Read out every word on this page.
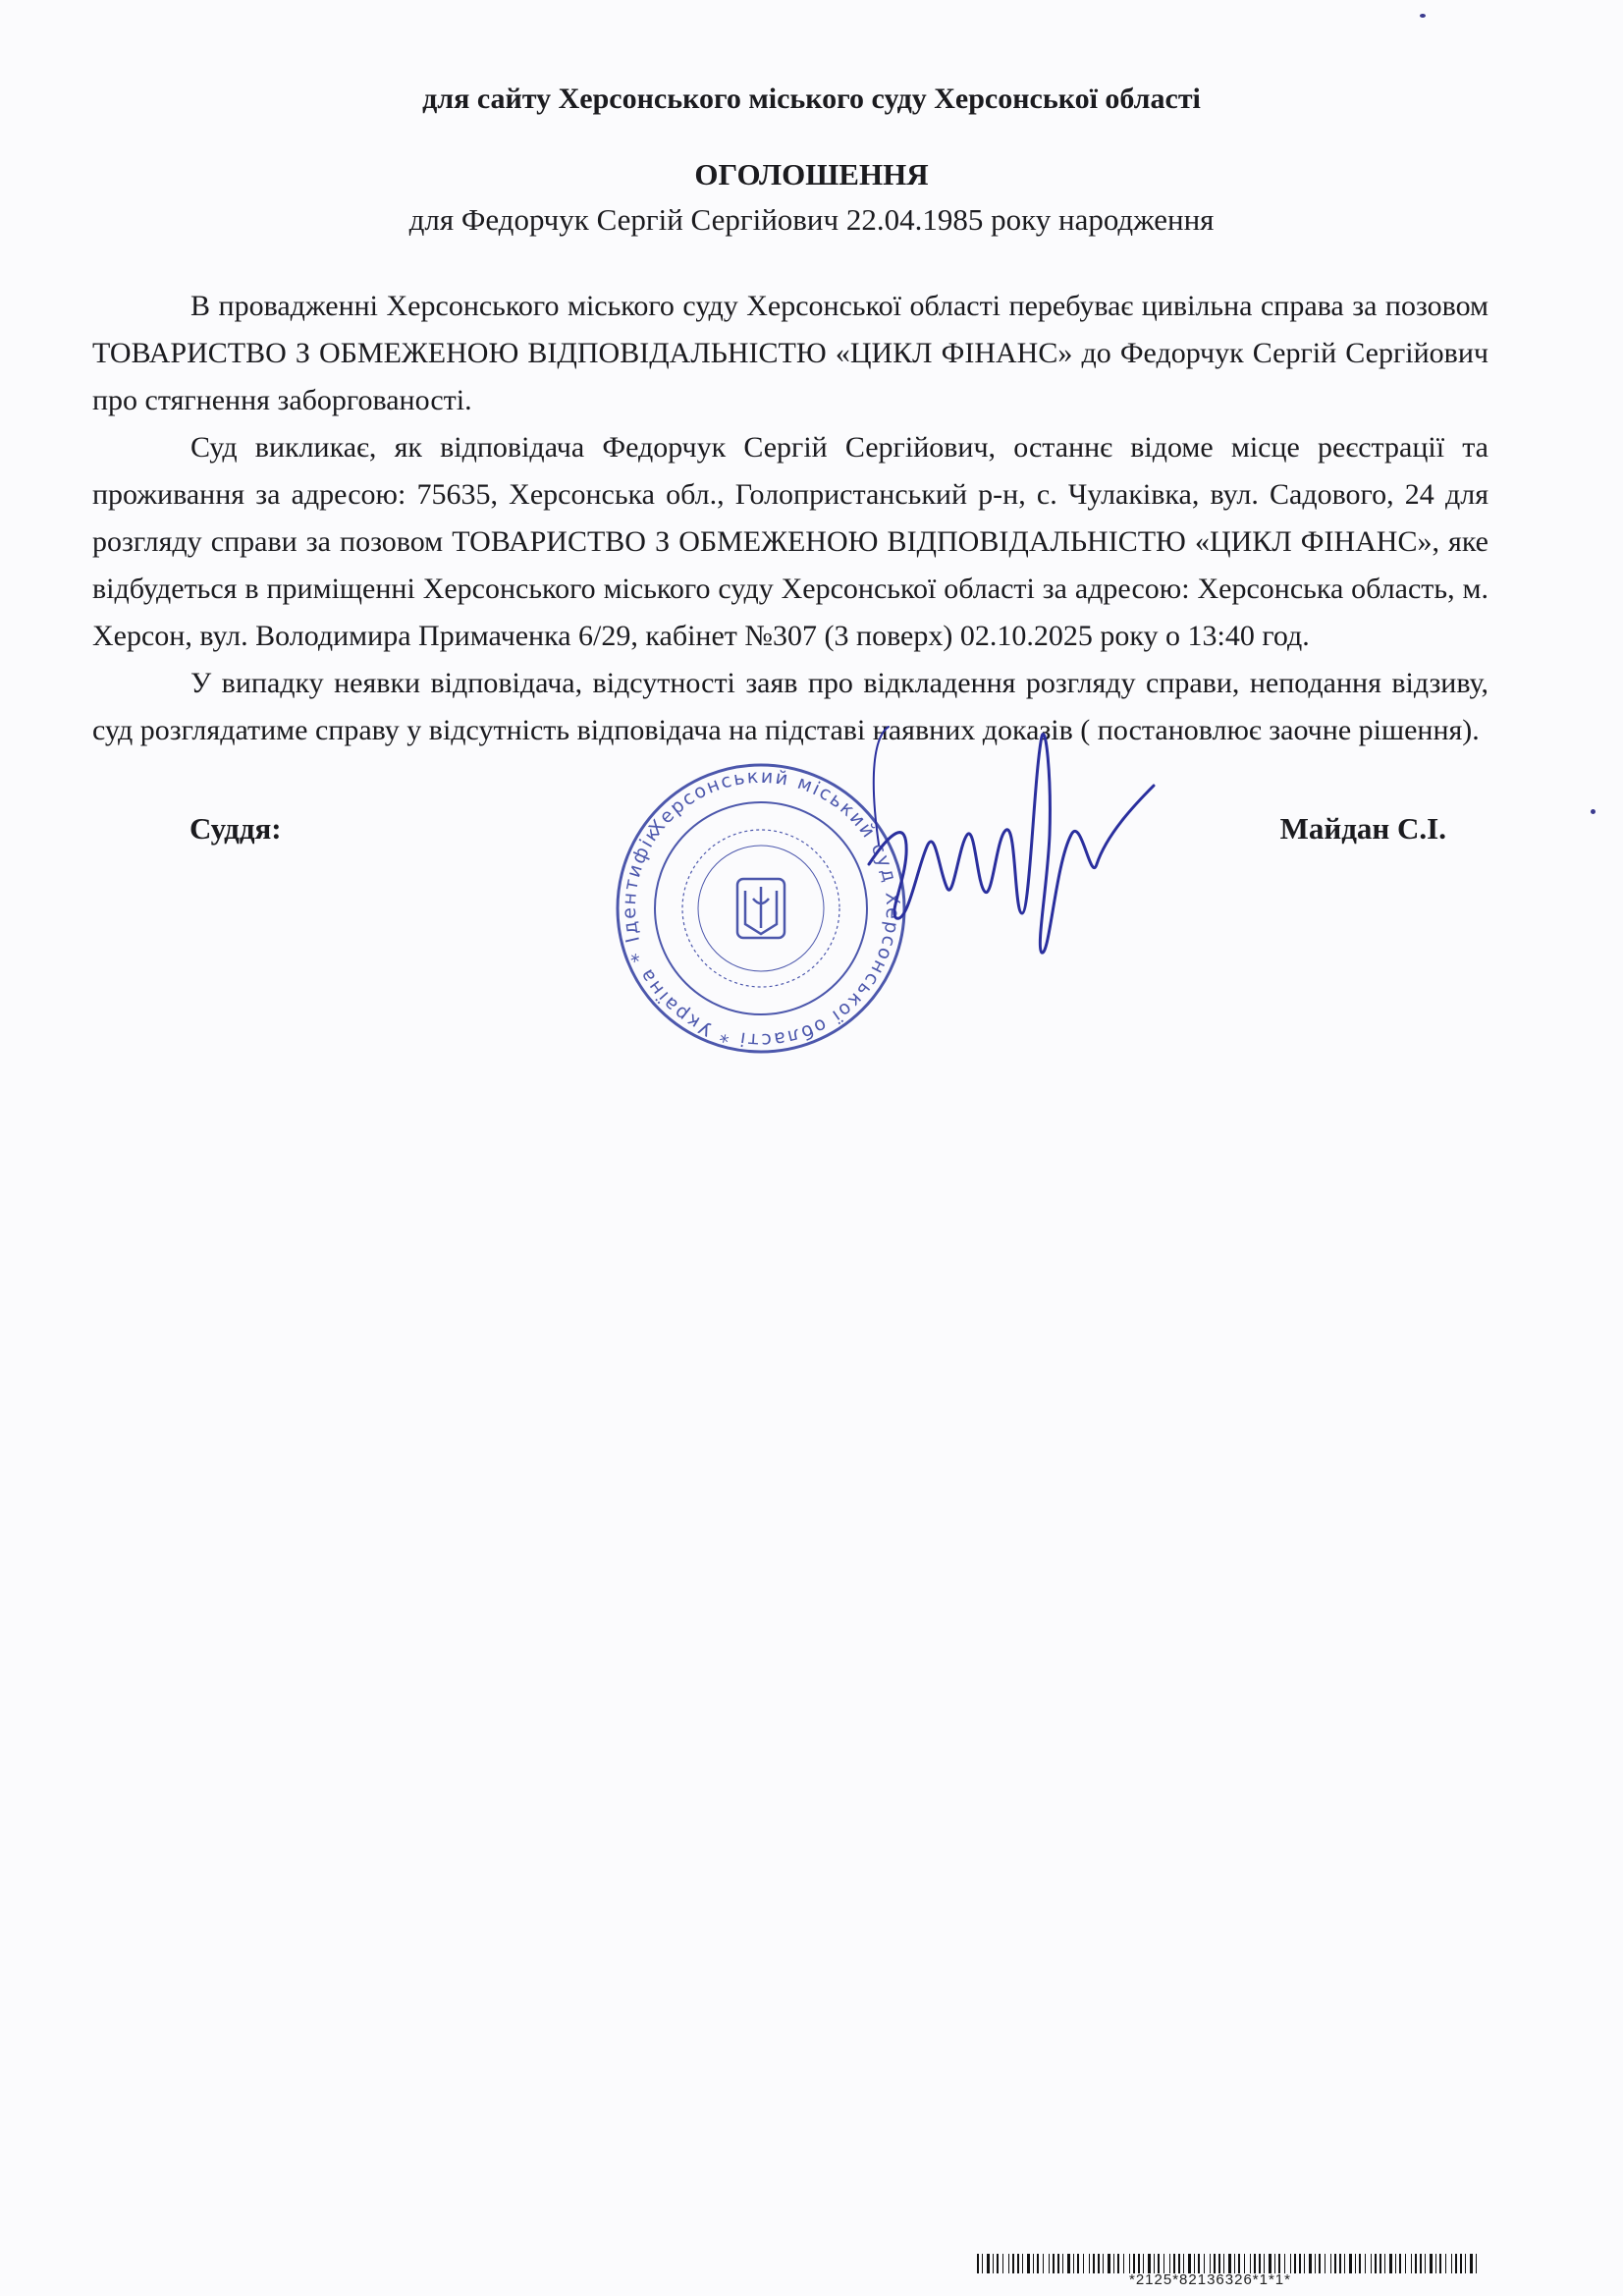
для сайту Херсонського міського суду Херсонської області
ОГОЛОШЕННЯ
для Федорчук Сергій Сергійович 22.04.1985 року народження

В провадженні Херсонського міського суду Херсонської області перебуває цивільна справа за позовом ТОВАРИСТВО З ОБМЕЖЕНОЮ ВІДПОВІДАЛЬНІСТЮ «ЦИКЛ ФІНАНС» до Федорчук Сергій Сергійович про стягнення заборгованості.

Суд викликає, як відповідача Федорчук Сергій Сергійович, останнє відоме місце реєстрації та проживання за адресою: 75635, Херсонська обл., Голопристанський р-н, с. Чулаківка, вул. Садового, 24 для розгляду справи за позовом ТОВАРИСТВО З ОБМЕЖЕНОЮ ВІДПОВІДАЛЬНІСТЮ «ЦИКЛ ФІНАНС», яке відбудеться в приміщенні Херсонського міського суду Херсонської області за адресою: Херсонська область, м. Херсон, вул. Володимира Примаченка 6/29, кабінет №307 (3 поверх) 02.10.2025 року о 13:40 год.

У випадку неявки відповідача, відсутності заяв про відкладення розгляду справи, неподання відзиву, суд розглядатиме справу у відсутність відповідача на підставі наявних доказів ( постановлює заочне рішення).

Херсонський міський суд Херсонської області * Україна * Ідентифікаційний
Суддя:	Майдан С.І.
*2125*82136326*1*1*
